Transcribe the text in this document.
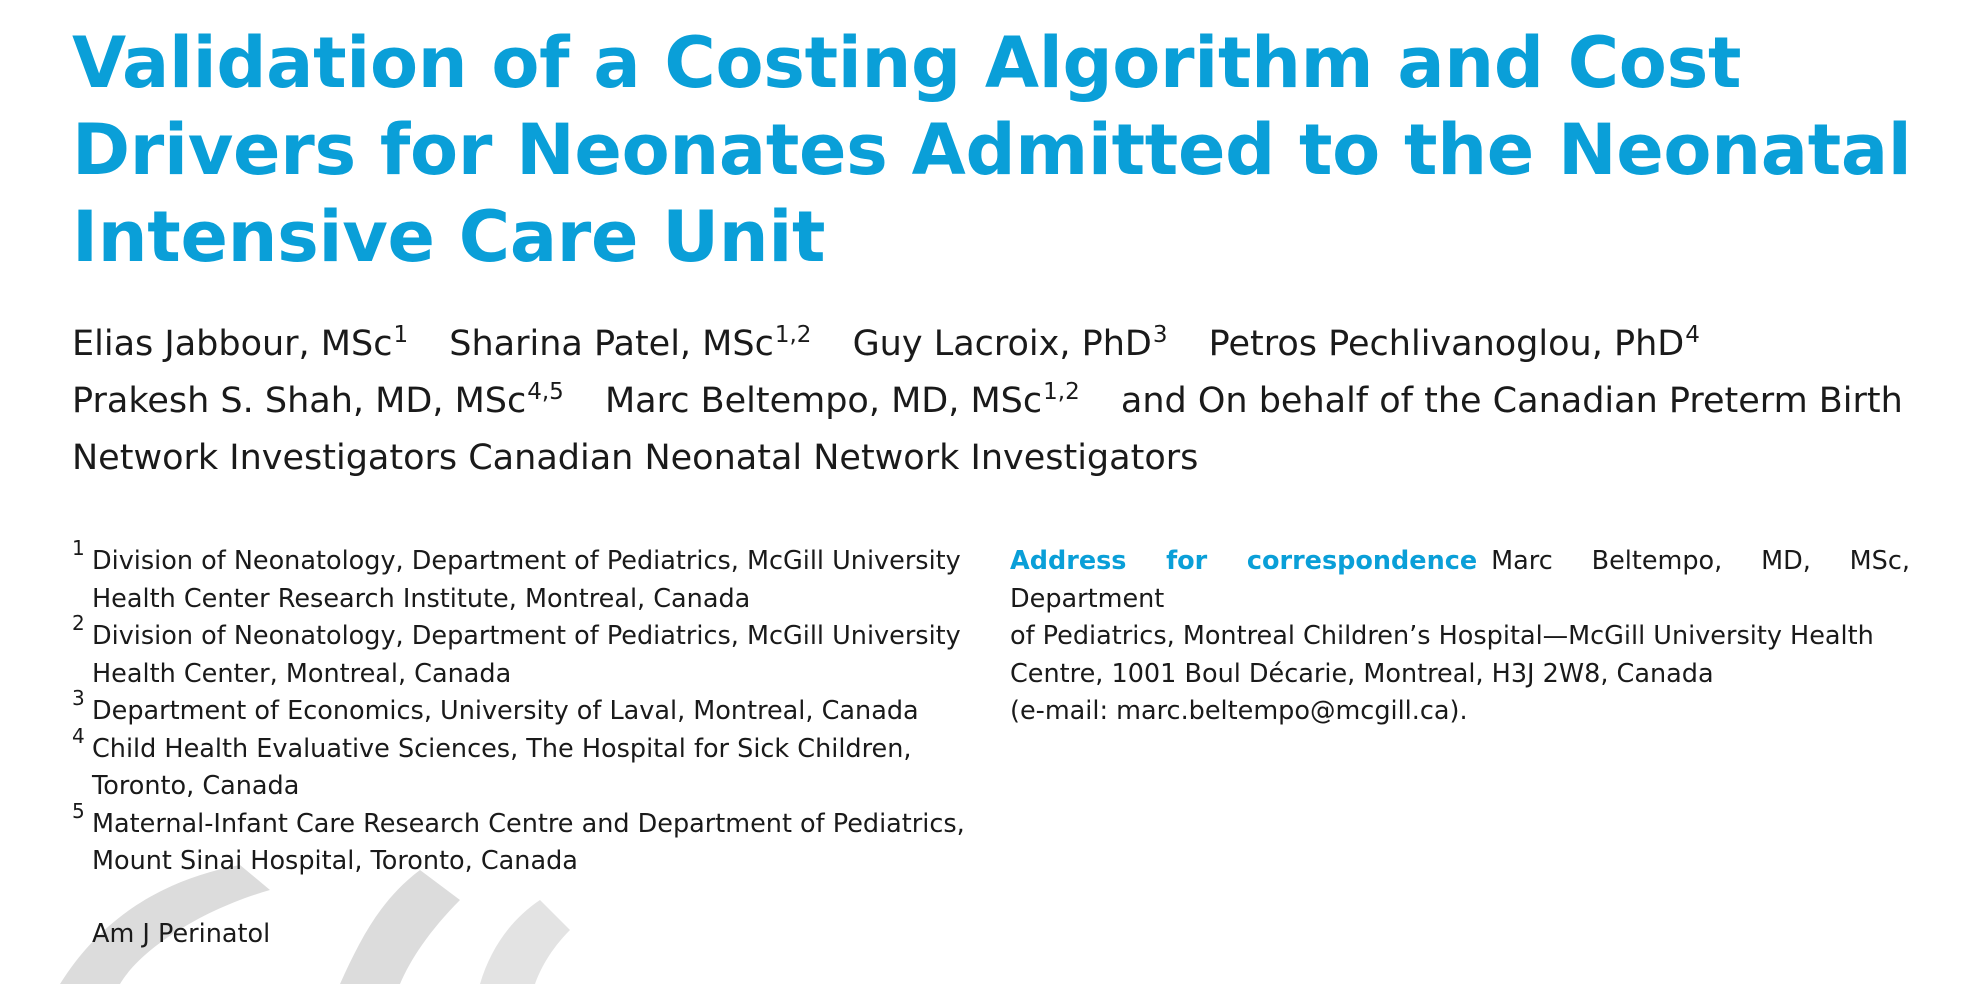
Validation of a Costing Algorithm and Cost
Drivers for Neonates Admitted to the Neonatal
Intensive Care Unit
Elias Jabbour, MSc$^1$ Sharina Patel, MSc$^{1,2}$ Guy Lacroix, PhD$^3$ Petros Pechlivanoglou, PhD$^4$
Prakesh S. Shah, MD, MSc$^{4,5}$ Marc Beltempo, MD, MSc$^{1,2}$ and On behalf of the Canadian Preterm Birth
Network Investigators Canadian Neonatal Network Investigators
1 Division of Neonatology, Department of Pediatrics, McGill University
Health Center Research Institute, Montreal, Canada
2 Division of Neonatology, Department of Pediatrics, McGill University
Health Center, Montreal, Canada
3 Department of Economics, University of Laval, Montreal, Canada
4 Child Health Evaluative Sciences, The Hospital for Sick Children,
Toronto, Canada
5 Maternal-Infant Care Research Centre and Department of Pediatrics,
Mount Sinai Hospital, Toronto, Canada
Am J Perinatol
Address for correspondence Marc Beltempo, MD, MSc, Department
of Pediatrics, Montreal Children’s Hospital—McGill University Health
Centre, 1001 Boul Décarie, Montreal, H3J 2W8, Canada
(e-mail: marc.beltempo@mcgill.ca).
